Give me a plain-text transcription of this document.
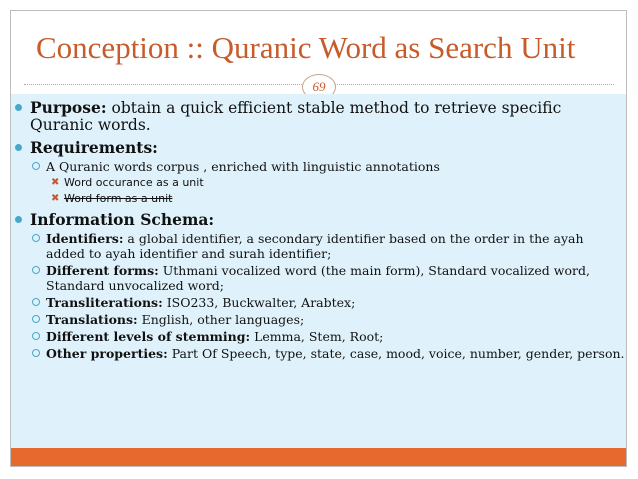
Conception :: Quranic Word as Search Unit
69
Purpose: obtain a quick efficient stable method to retrieve specific Quranic words.
Requirements:
A Quranic words corpus , enriched with linguistic annotations
✖ Word occurance as a unit
✖ Word form as a unit
Information Schema:
Identifiers: a global identifier, a secondary identifier based on the order in the ayah added to ayah identifier and surah identifier;
Different forms: Uthmani vocalized word (the main form), Standard vocalized word, Standard unvocalized word;
Transliterations: ISO233, Buckwalter, Arabtex;
Translations: English, other languages;
Different levels of stemming: Lemma, Stem, Root;
Other properties: Part Of Speech, type, state, case, mood, voice, number, gender, person.
